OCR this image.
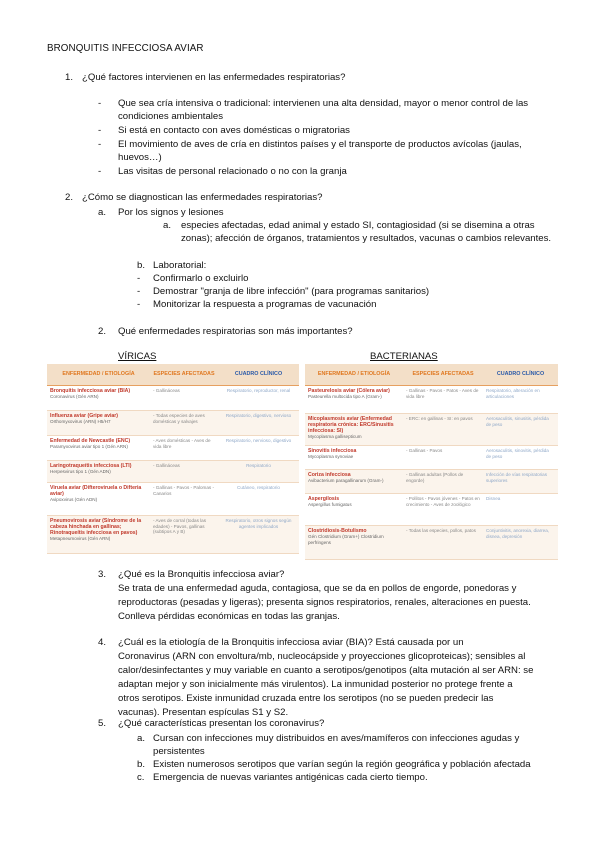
BRONQUITIS INFECCIOSA AVIAR
1. ¿Qué factores intervienen en las enfermedades respiratorias?
- Que sea cría intensiva o tradicional: intervienen una alta densidad, mayor o menor control de las
condiciones ambientales
- Si está en contacto con aves domésticas o migratorias
- El movimiento de aves de cría en distintos países y el transporte de productos avícolas (jaulas,
huevos…)
- Las visitas de personal relacionado o no con la granja
2. ¿Cómo se diagnostican las enfermedades respiratorias?
a. Por los signos y lesiones
a. especies afectadas, edad animal y estado SI, contagiosidad (si se disemina a otras
zonas); afección de órganos, tratamientos y resultados, vacunas o cambios relevantes.
b. Laboratorial:
- Confirmarlo o excluirlo
- Demostrar "granja de libre infección" (para programas sanitarios)
- Monitorizar la respuesta a programas de vacunación
2. Qué enfermedades respiratorias son más importantes?
VÍRICAS	BACTERIANAS
ENFERMEDAD / ETIOLOGÍA	ESPECIES AFECTADAS	CUADRO CLÍNICO

Bronquitis infecciosa aviar (BIA)
Coronavirus (Gén ARN)	- Gallináceas	Respiratorio, reproductor, renal

Influenza aviar (Gripe aviar)
Orthomyxovirus (ARN) H5/H7	- Todas especies de aves domésticas y salvajes	Respiratorio, digestivo, nervioso

Enfermedad de Newcastle (ENC)
Paramyxovirus aviar tipo 1 (Gén ARN)	- Aves domésticas - Aves de vida libre	Respiratorio, nervioso, digestivo

Laringotraqueítis infecciosa (LTI)
Herpesvirus tipo 1 (Gén ADN)	- Gallináceas	Respiratorio

Viruela aviar (Difteroviruela o Difteria aviar)
Avipoxvirus (Gén ADN)	- Gallinas - Pavos - Palomas - Canarios	Cutáneo, respiratorio

Pneumovirosis aviar (Síndrome de la cabeza hinchada en gallinas; Rinotraqueítis infecciosa en pavos)
Metapneumovirus (Gén ARN)	- Aves de corral (todas las edades) - Pavos, gallinas (subtipos A y B)	Respiratorio, otros signos según agentes implicados
ENFERMEDAD / ETIOLOGÍA	ESPECIES AFECTADAS	CUADRO CLÍNICO

Pasteurelosis aviar (Cólera aviar)
Pasteurella multocida tipo A (Gram-)	- Gallinas - Pavos - Patos - Aves de vida libre	Respiratorio, alteración en articulaciones

Micoplasmosis aviar (Enfermedad respiratoria crónica: ERC/Sinusitis infecciosa: SI)
Mycoplasma gallisepticum	- ERC: en gallinas - SI: en pavos	Aerosaculitis, sinusitis, pérdida de peso

Sinovitis infecciosa
Mycoplasma synoviae	- Gallinas - Pavos	Aerosaculitis, sinovitis, pérdida de peso

Coriza infecciosa
Avibacterium paragallinarum (Gram-)	- Gallinas adultas (Pollos de engorde)	Infección de vías respiratorias superiores

Aspergilosis
Aspergillus fumigatus	- Pollitos - Pavos jóvenes - Patos en crecimiento - Aves de zoológico	Disnea

Clostridiosis-Botulismo
Gén Clostridium (Gram+) Clostridium perfringens	- Todas las especies, pollos, patos	Conjuntivitis, anorexia, diarrea, disnea, depresión
3. ¿Qué es la Bronquitis infecciosa aviar?
Se trata de una enfermedad aguda, contagiosa, que se da en pollos de engorde, ponedoras y
reproductoras (pesadas y ligeras); presenta signos respiratorios, renales, alteraciones en puesta.
Conlleva pérdidas económicas en todas las granjas.
4. ¿Cuál es la etiología de la Bronquitis infecciosa aviar (BIA)? Está causada por un
Coronavirus (ARN con envoltura/mb, nucleocápside y proyecciones glicoproteicas); sensibles al
calor/desinfectantes y muy variable en cuanto a serotipos/genotipos (alta mutación al ser ARN: se
adaptan mejor y son inicialmente más virulentos). La inmunidad posterior no protege frente a
otros serotipos. Existe inmunidad cruzada entre los serotipos (no se pueden predecir las
vacunas). Presentan espículas S1 y S2.
5. ¿Qué características presentan los coronavirus?
a. Cursan con infecciones muy distribuidos en aves/mamíferos con infecciones agudas y
persistentes
b. Existen numerosos serotipos que varían según la región geográfica y población afectada
c. Emergencia de nuevas variantes antigénicas cada cierto tiempo.
